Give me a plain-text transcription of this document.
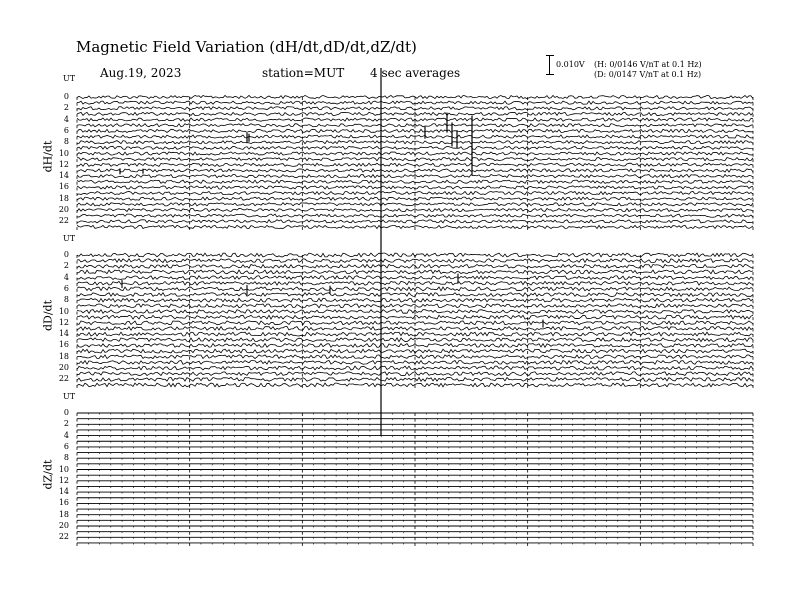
Magnetic Field Variation (dH/dt,dD/dt,dZ/dt)
Aug.19, 2023	station=MUT 4 sec averages
0.010V (H: 0/0146 V/nT at 0.1 Hz)
(D: 0/0147 V/nT at 0.1 Hz)
UT
UT
UT
dH/dt
dD/dt
dZ/dt
0
2
4
6
8
10
12
14
16
18
20
22
0
2
4
6
8
10
12
14
16
18
20
22
0
2
4
6
8
10
12
14
16
18
20
22
